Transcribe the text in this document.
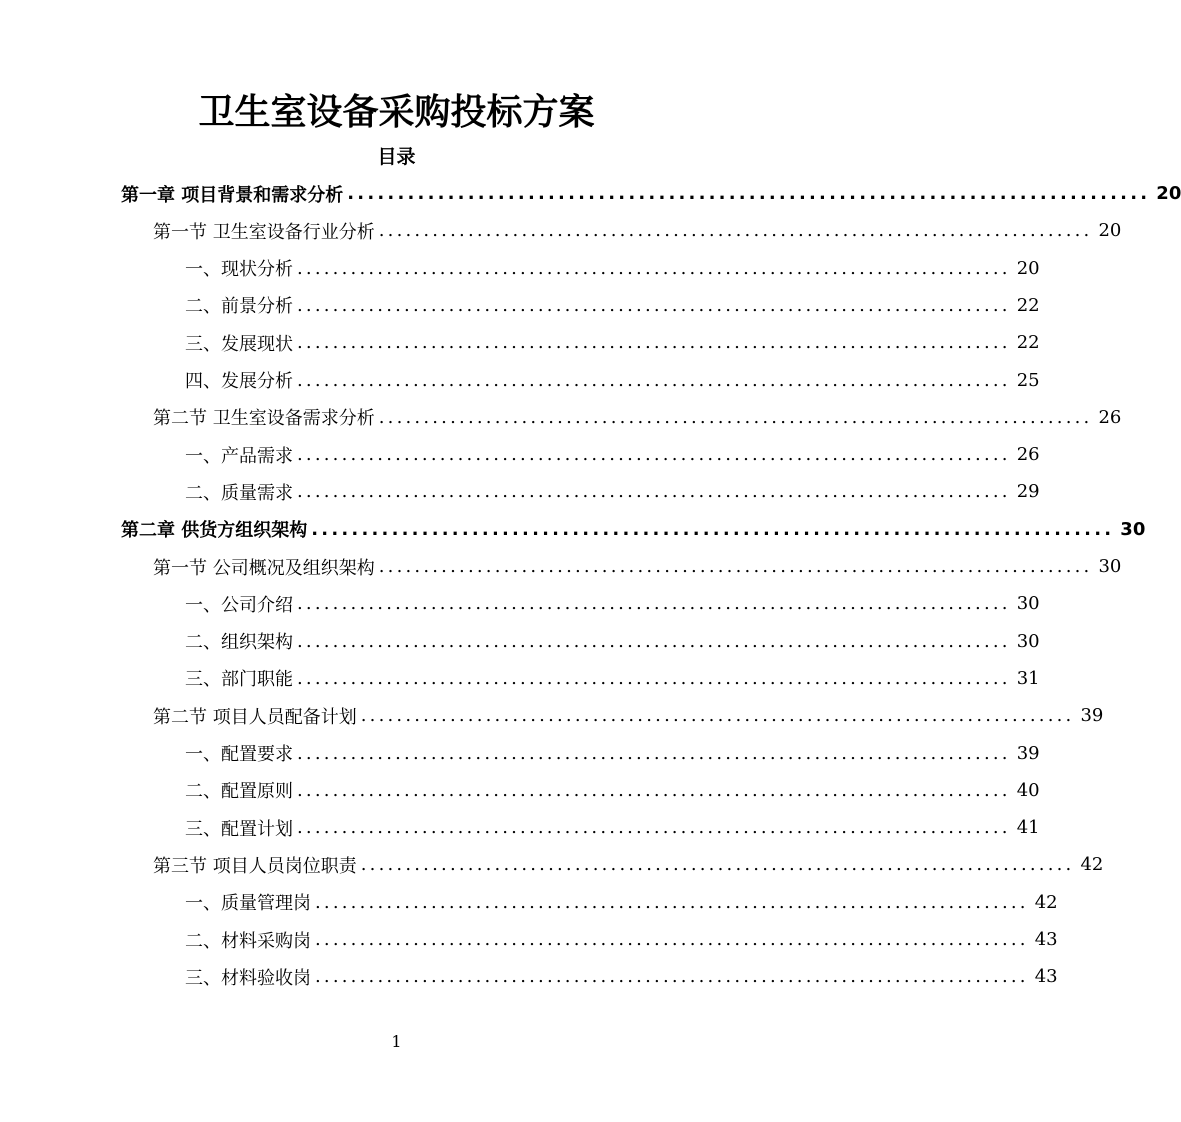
卫生室设备采购投标方案
目录
第一章 项目背景和需求分析 ................................................................................ 20
第一节 卫生室设备行业分析 ................................................................................ 20
一、现状分析 ................................................................................ 20
二、前景分析 ................................................................................ 22
三、发展现状 ................................................................................ 22
四、发展分析 ................................................................................ 25
第二节 卫生室设备需求分析 ................................................................................ 26
一、产品需求 ................................................................................ 26
二、质量需求 ................................................................................ 29
第二章 供货方组织架构 ................................................................................ 30
第一节 公司概况及组织架构 ................................................................................ 30
一、公司介绍 ................................................................................ 30
二、组织架构 ................................................................................ 30
三、部门职能 ................................................................................ 31
第二节 项目人员配备计划 ................................................................................ 39
一、配置要求 ................................................................................ 39
二、配置原则 ................................................................................ 40
三、配置计划 ................................................................................ 41
第三节 项目人员岗位职责 ................................................................................ 42
一、质量管理岗 ................................................................................ 42
二、材料采购岗 ................................................................................ 43
三、材料验收岗 ................................................................................ 43
1
